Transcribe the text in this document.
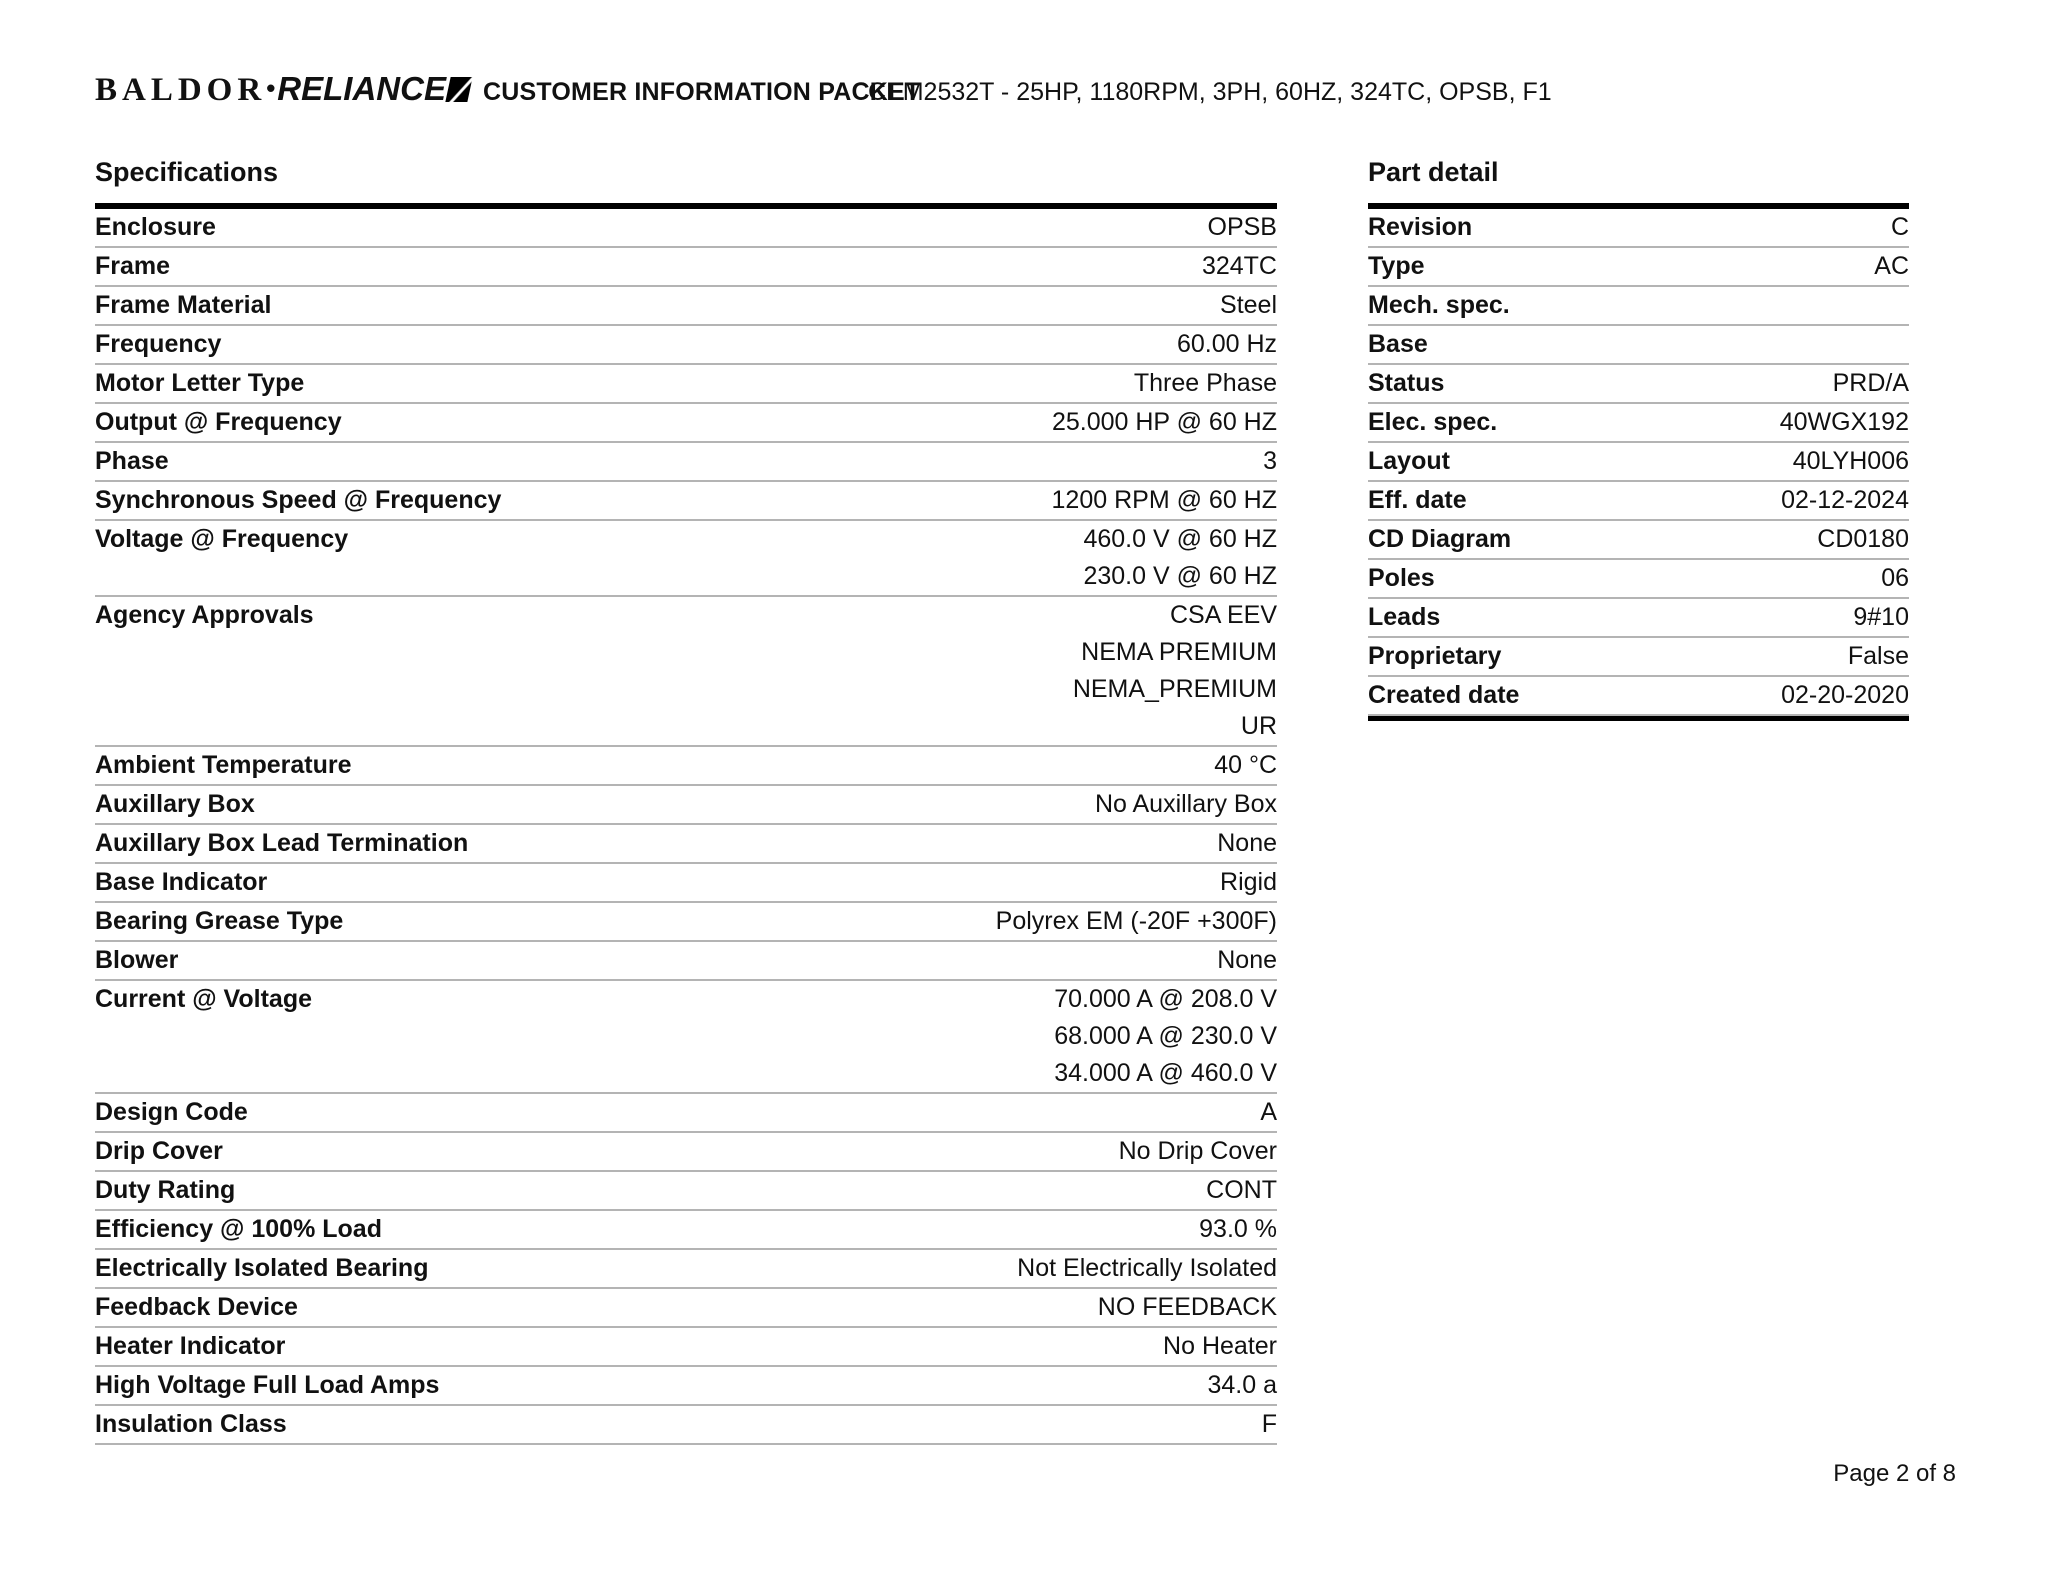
BALDOR•RELIANCE	CUSTOMER INFORMATION PACKET
CEM2532T - 25HP, 1180RPM, 3PH, 60HZ, 324TC, OPSB, F1
Specifications
Enclosure	OPSB
Frame	324TC
Frame Material	Steel
Frequency	60.00 Hz
Motor Letter Type	Three Phase
Output @ Frequency	25.000 HP @ 60 HZ
Phase	3
Synchronous Speed @ Frequency	1200 RPM @ 60 HZ
Voltage @ Frequency	460.0 V @ 60 HZ
230.0 V @ 60 HZ
Agency Approvals	CSA EEV
NEMA PREMIUM
NEMA_PREMIUM
UR
Ambient Temperature	40 °C
Auxillary Box	No Auxillary Box
Auxillary Box Lead Termination	None
Base Indicator	Rigid
Bearing Grease Type	Polyrex EM (-20F +300F)
Blower	None
Current @ Voltage	70.000 A @ 208.0 V
68.000 A @ 230.0 V
34.000 A @ 460.0 V
Design Code	A
Drip Cover	No Drip Cover
Duty Rating	CONT
Efficiency @ 100% Load	93.0 %
Electrically Isolated Bearing	Not Electrically Isolated
Feedback Device	NO FEEDBACK
Heater Indicator	No Heater
High Voltage Full Load Amps	34.0 a
Insulation Class	F
Part detail
Revision	C
Type	AC
Mech. spec.
Base
Status	PRD/A
Elec. spec.	40WGX192
Layout	40LYH006
Eff. date	02-12-2024
CD Diagram	CD0180
Poles	06
Leads	9#10
Proprietary	False
Created date	02-20-2020
Page 2 of 8
